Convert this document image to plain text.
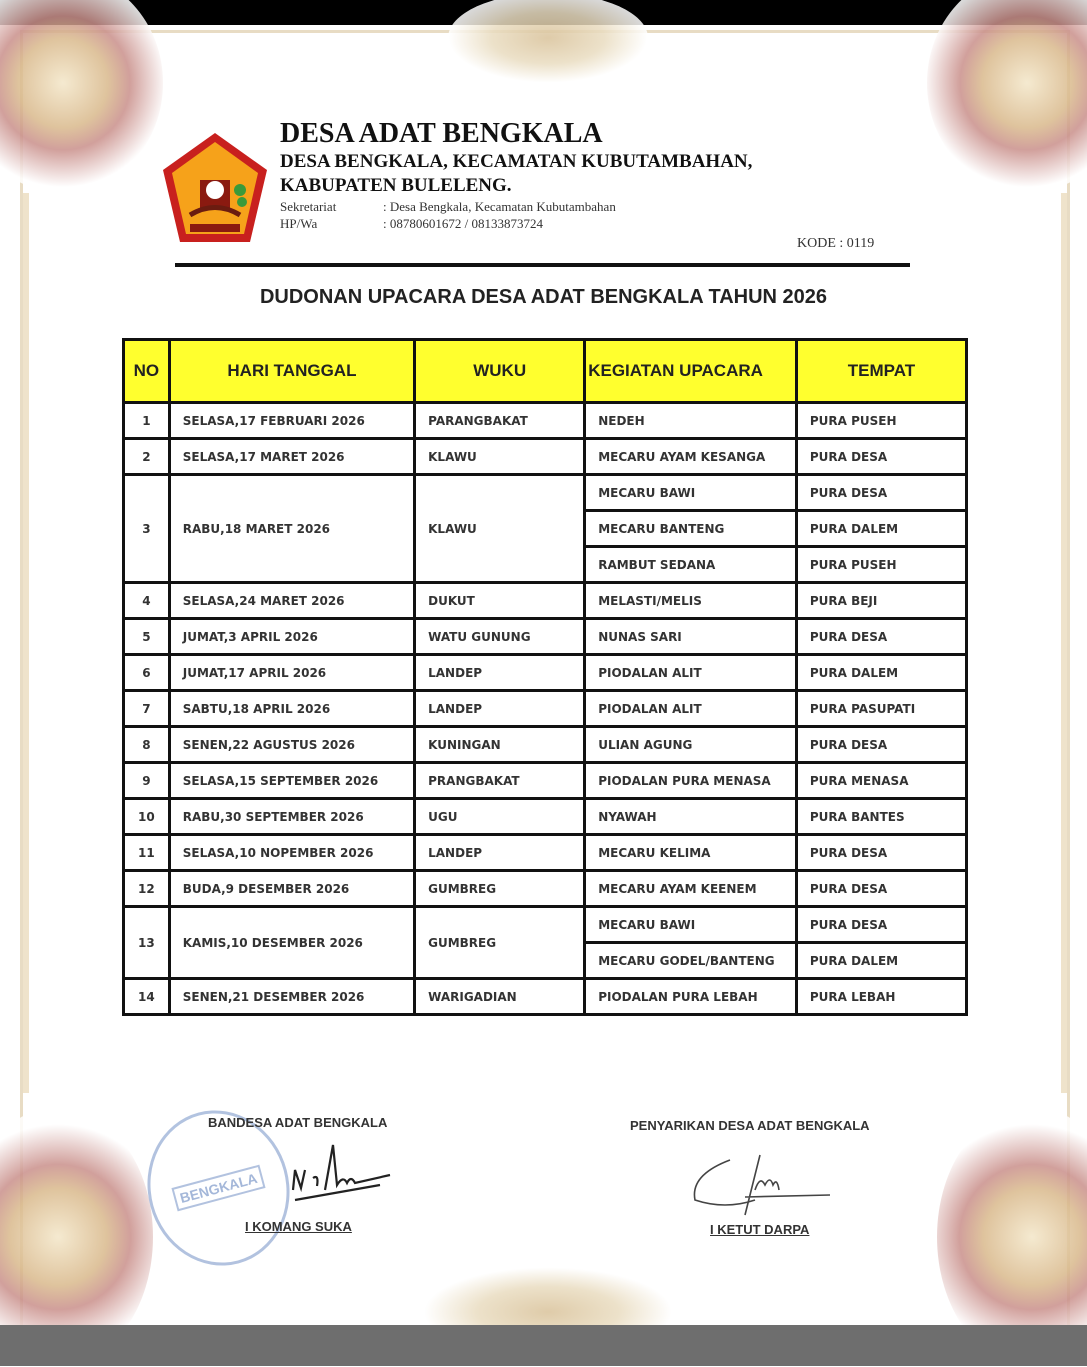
DESA ADAT BENGKALA
DESA BENGKALA, KECAMATAN KUBUTAMBAHAN,
KABUPATEN BULELENG.
Sekretariat	: Desa Bengkala, Kecamatan Kubutambahan
HP/Wa	: 08780601672 / 08133873724
KODE : 0119
DUDONAN UPACARA DESA ADAT BENGKALA TAHUN 2026
NO	HARI TANGGAL	WUKU	KEGIATAN UPACARA	TEMPAT
1	SELASA,17 FEBRUARI 2026	PARANGBAKAT	NEDEH	PURA PUSEH
2	SELASA,17 MARET 2026	KLAWU	MECARU AYAM KESANGA	PURA DESA
3	RABU,18 MARET 2026	KLAWU	MECARU BAWI	PURA DESA
			MECARU BANTENG	PURA DALEM
			RAMBUT SEDANA	PURA PUSEH
4	SELASA,24 MARET 2026	DUKUT	MELASTI/MELIS	PURA BEJI
5	JUMAT,3 APRIL 2026	WATU GUNUNG	NUNAS SARI	PURA DESA
6	JUMAT,17 APRIL 2026	LANDEP	PIODALAN ALIT	PURA DALEM
7	SABTU,18 APRIL 2026	LANDEP	PIODALAN ALIT	PURA PASUPATI
8	SENEN,22 AGUSTUS 2026	KUNINGAN	ULIAN AGUNG	PURA DESA
9	SELASA,15 SEPTEMBER 2026	PRANGBAKAT	PIODALAN PURA MENASA	PURA MENASA
10	RABU,30 SEPTEMBER 2026	UGU	NYAWAH	PURA BANTES
11	SELASA,10 NOPEMBER 2026	LANDEP	MECARU KELIMA	PURA DESA
12	BUDA,9 DESEMBER 2026	GUMBREG	MECARU AYAM KEENEM	PURA DESA
13	KAMIS,10 DESEMBER 2026	GUMBREG	MECARU BAWI	PURA DESA
			MECARU GODEL/BANTENG	PURA DALEM
14	SENEN,21 DESEMBER 2026	WARIGADIAN	PIODALAN PURA LEBAH	PURA LEBAH
BENGKALA
BANDESA ADAT BENGKALA
I KOMANG SUKA
PENYARIKAN DESA ADAT BENGKALA
I KETUT DARPA
